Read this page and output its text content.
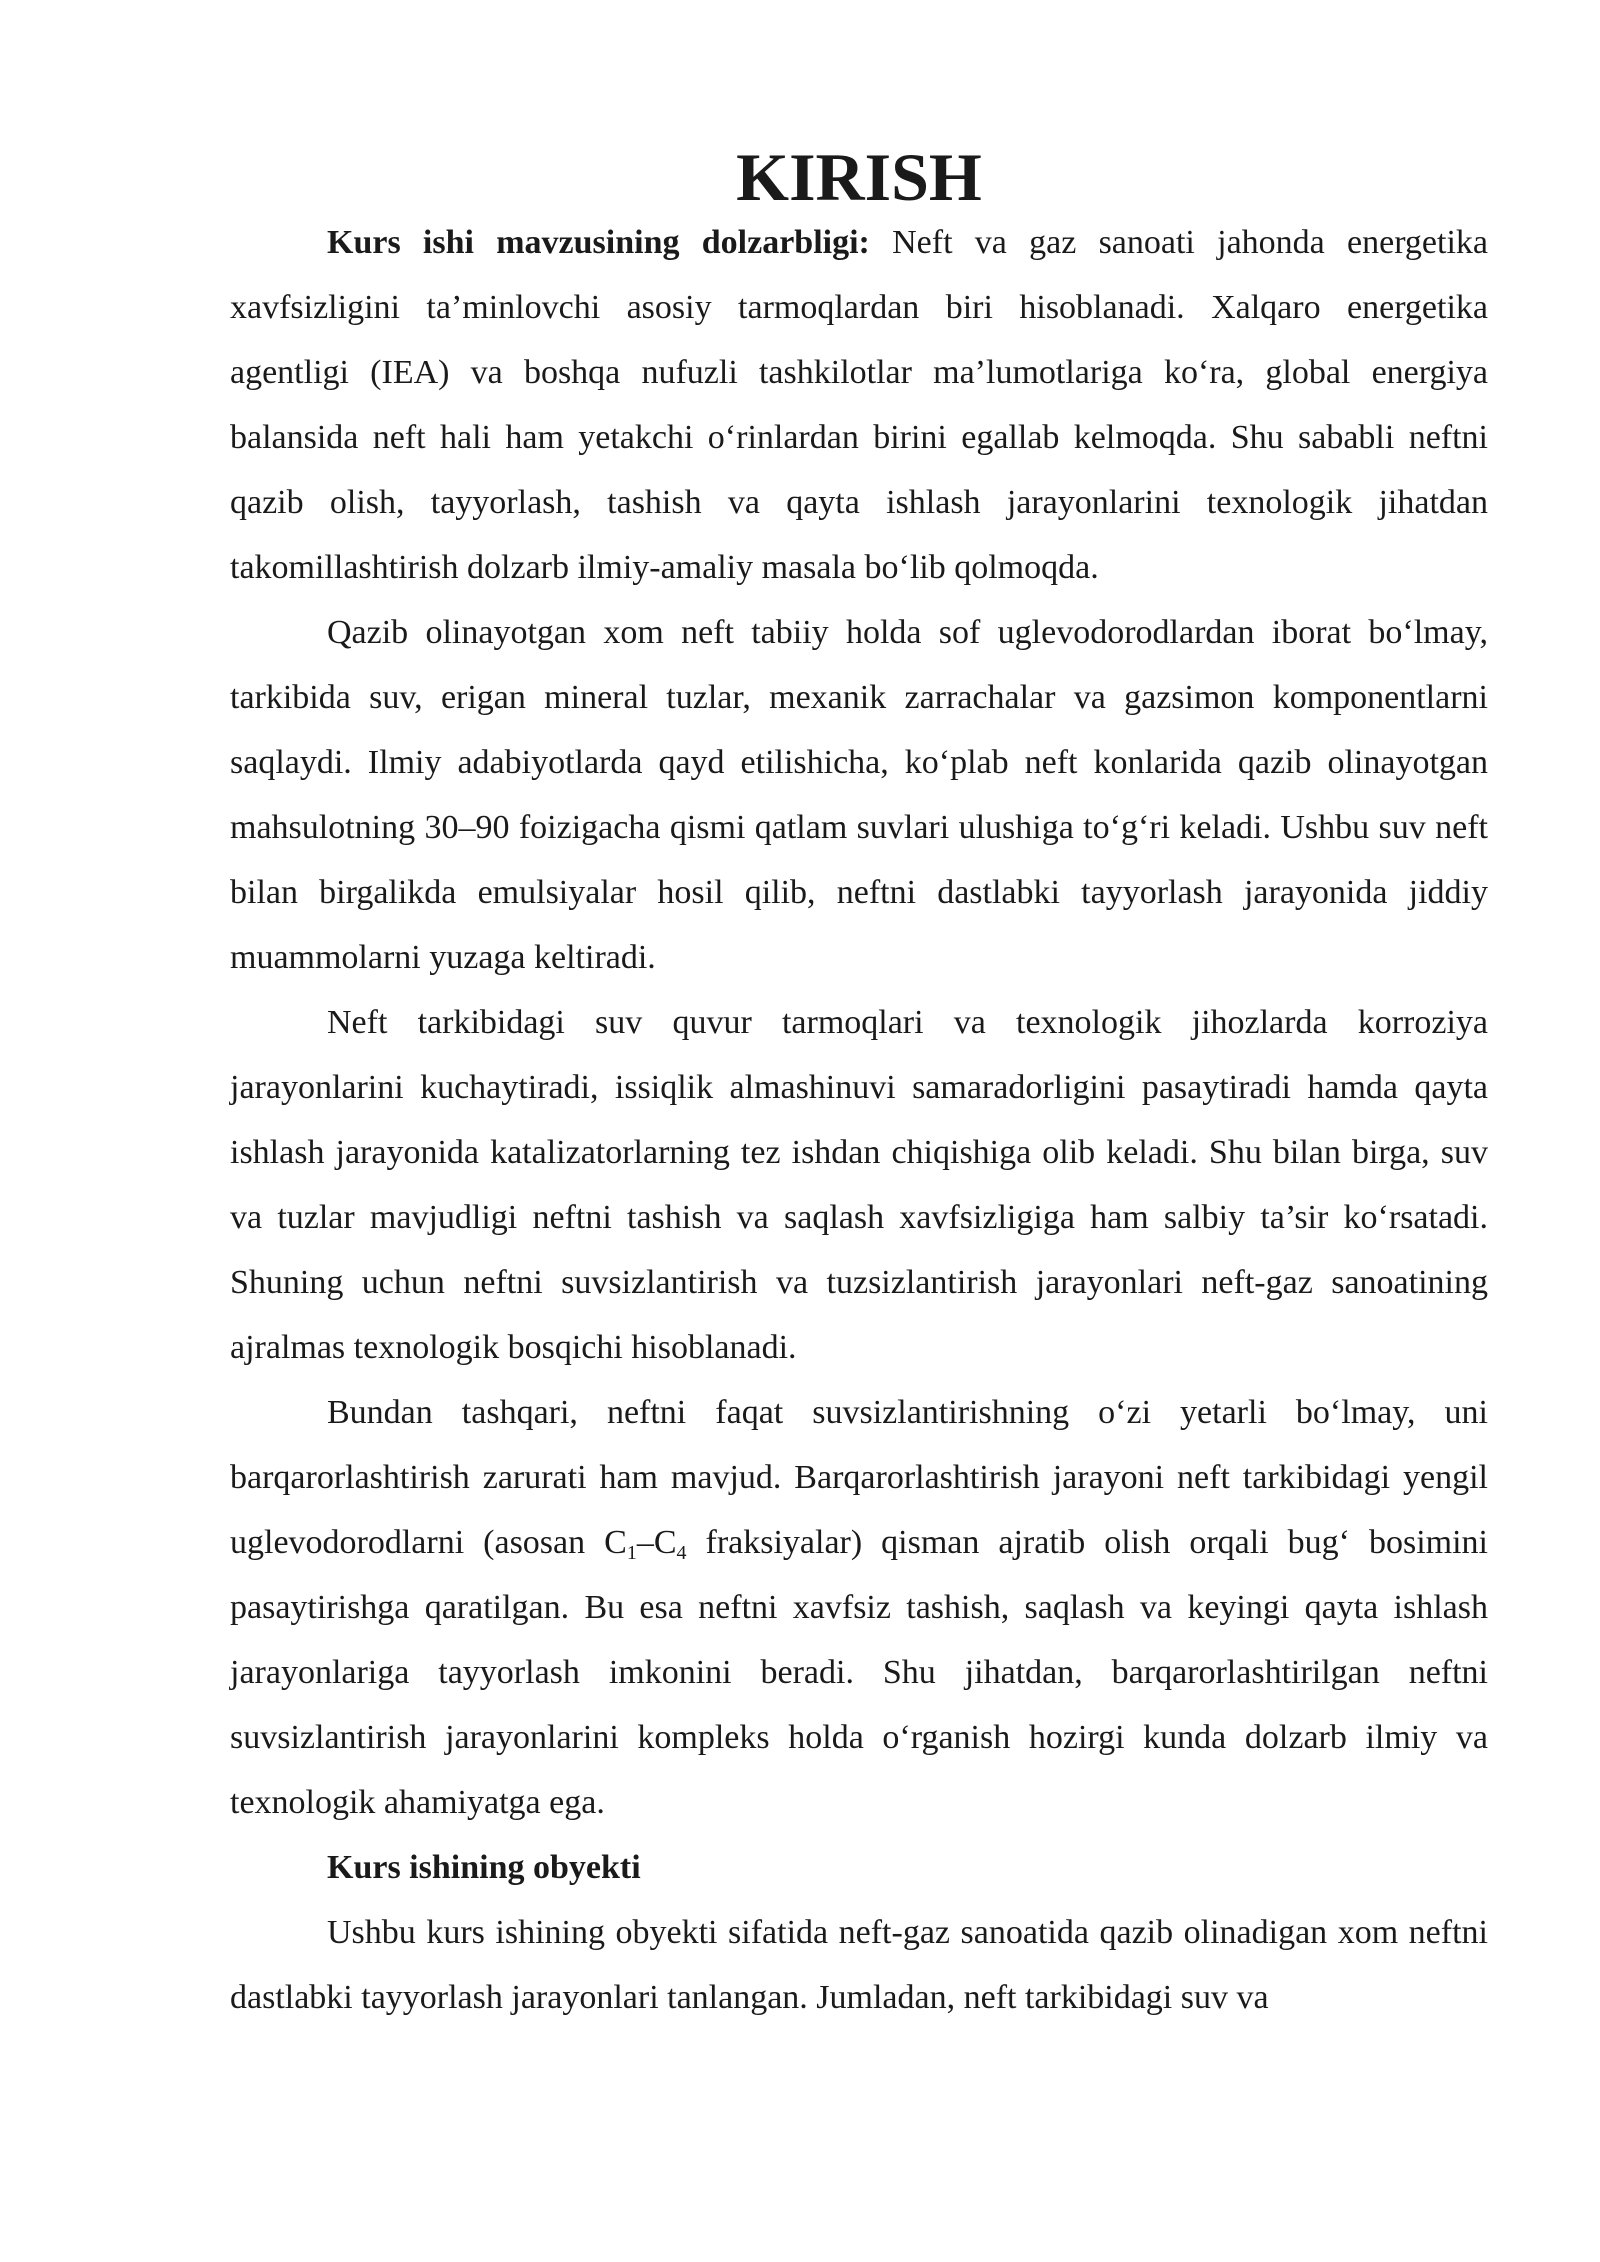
KIRISH

Kurs ishi mavzusining dolzarbligi: Neft va gaz sanoati jahonda energetika xavfsizligini ta’minlovchi asosiy tarmoqlardan biri hisoblanadi. Xalqaro energetika agentligi (IEA) va boshqa nufuzli tashkilotlar ma’lumotlariga ko‘ra, global energiya balansida neft hali ham yetakchi o‘rinlardan birini egallab kelmoqda. Shu sababli neftni qazib olish, tayyorlash, tashish va qayta ishlash jarayonlarini texnologik jihatdan takomillashtirish dolzarb ilmiy-amaliy masala bo‘lib qolmoqda.

Qazib olinayotgan xom neft tabiiy holda sof uglevodorodlardan iborat bo‘lmay, tarkibida suv, erigan mineral tuzlar, mexanik zarrachalar va gazsimon komponentlarni saqlaydi. Ilmiy adabiyotlarda qayd etilishicha, ko‘plab neft konlarida qazib olinayotgan mahsulotning 30–90 foizigacha qismi qatlam suvlari ulushiga to‘g‘ri keladi. Ushbu suv neft bilan birgalikda emulsiyalar hosil qilib, neftni dastlabki tayyorlash jarayonida jiddiy muammolarni yuzaga keltiradi.

Neft tarkibidagi suv quvur tarmoqlari va texnologik jihozlarda korroziya jarayonlarini kuchaytiradi, issiqlik almashinuvi samaradorligini pasaytiradi hamda qayta ishlash jarayonida katalizatorlarning tez ishdan chiqishiga olib keladi. Shu bilan birga, suv va tuzlar mavjudligi neftni tashish va saqlash xavfsizligiga ham salbiy ta’sir ko‘rsatadi. Shuning uchun neftni suvsizlantirish va tuzsizlantirish jarayonlari neft-gaz sanoatining ajralmas texnologik bosqichi hisoblanadi.

Bundan tashqari, neftni faqat suvsizlantirishning o‘zi yetarli bo‘lmay, uni barqarorlashtirish zarurati ham mavjud. Barqarorlashtirish jarayoni neft tarkibidagi yengil uglevodorodlarni (asosan $C_1-C_4$ fraksiyalar) qisman ajratib olish orqali bug‘ bosimini pasaytirishga qaratilgan. Bu esa neftni xavfsiz tashish, saqlash va keyingi qayta ishlash jarayonlariga tayyorlash imkonini beradi. Shu jihatdan, barqarorlashtirilgan neftni suvsizlantirish jarayonlarini kompleks holda o‘rganish hozirgi kunda dolzarb ilmiy va texnologik ahamiyatga ega.

Kurs ishining obyekti

Ushbu kurs ishining obyekti sifatida neft-gaz sanoatida qazib olinadigan xom neftni dastlabki tayyorlash jarayonlari tanlangan. Jumladan, neft tarkibidagi suv va
